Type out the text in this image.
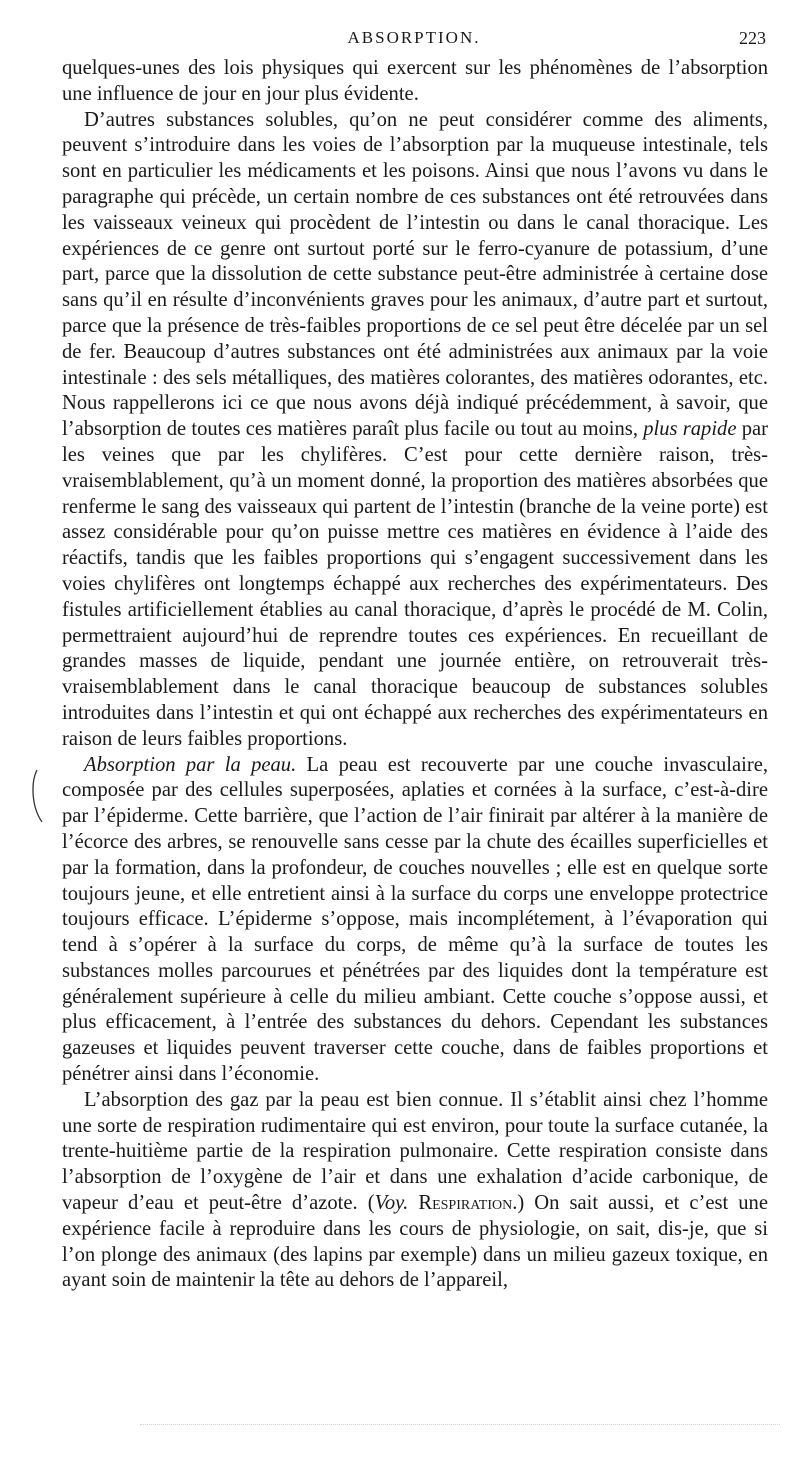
ABSORPTION.	223

quelques-unes des lois physiques qui exercent sur les phénomènes de l’absorption une influence de jour en jour plus évidente.

D’autres substances solubles, qu’on ne peut considérer comme des aliments, peuvent s’introduire dans les voies de l’absorption par la muqueuse intestinale, tels sont en particulier les médicaments et les poisons. Ainsi que nous l’avons vu dans le paragraphe qui précède, un certain nombre de ces substances ont été retrouvées dans les vaisseaux veineux qui procèdent de l’intestin ou dans le canal thoracique. Les expériences de ce genre ont surtout porté sur le ferro-cyanure de potassium, d’une part, parce que la dissolution de cette substance peut-être administrée à certaine dose sans qu’il en résulte d’inconvénients graves pour les animaux, d’autre part et surtout, parce que la présence de très-faibles proportions de ce sel peut être décelée par un sel de fer. Beaucoup d’autres substances ont été administrées aux animaux par la voie intestinale : des sels métalliques, des matières colorantes, des matières odorantes, etc. Nous rappellerons ici ce que nous avons déjà indiqué précédemment, à savoir, que l’absorption de toutes ces matières paraît plus facile ou tout au moins, plus rapide par les veines que par les chylifères. C’est pour cette dernière raison, très-vraisemblablement, qu’à un moment donné, la proportion des matières absorbées que renferme le sang des vaisseaux qui partent de l’intestin (branche de la veine porte) est assez considérable pour qu’on puisse mettre ces matières en évidence à l’aide des réactifs, tandis que les faibles proportions qui s’engagent successivement dans les voies chylifères ont longtemps échappé aux recherches des expérimentateurs. Des fistules artificiellement établies au canal thoracique, d’après le procédé de M. Colin, permettraient aujourd’hui de reprendre toutes ces expériences. En recueillant de grandes masses de liquide, pendant une journée entière, on retrouverait très-vraisemblablement dans le canal thoracique beaucoup de substances solubles introduites dans l’intestin et qui ont échappé aux recherches des expérimentateurs en raison de leurs faibles proportions.

Absorption par la peau. La peau est recouverte par une couche invasculaire, composée par des cellules superposées, aplaties et cornées à la surface, c’est-à-dire par l’épiderme. Cette barrière, que l’action de l’air finirait par altérer à la manière de l’écorce des arbres, se renouvelle sans cesse par la chute des écailles superficielles et par la formation, dans la profondeur, de couches nouvelles ; elle est en quelque sorte toujours jeune, et elle entretient ainsi à la surface du corps une enveloppe protectrice toujours efficace. L’épiderme s’oppose, mais incomplétement, à l’évaporation qui tend à s’opérer à la surface du corps, de même qu’à la surface de toutes les substances molles parcourues et pénétrées par des liquides dont la température est généralement supérieure à celle du milieu ambiant. Cette couche s’oppose aussi, et plus efficacement, à l’entrée des substances du dehors. Cependant les substances gazeuses et liquides peuvent traverser cette couche, dans de faibles proportions et pénétrer ainsi dans l’économie.

L’absorption des gaz par la peau est bien connue. Il s’établit ainsi chez l’homme une sorte de respiration rudimentaire qui est environ, pour toute la surface cutanée, la trente-huitième partie de la respiration pulmonaire. Cette respiration consiste dans l’absorption de l’oxygène de l’air et dans une exhalation d’acide carbonique, de vapeur d’eau et peut-être d’azote. (Voy. Respiration.) On sait aussi, et c’est une expérience facile à reproduire dans les cours de physiologie, on sait, dis-je, que si l’on plonge des animaux (des lapins par exemple) dans un milieu gazeux toxique, en ayant soin de maintenir la tête au dehors de l’appareil,
